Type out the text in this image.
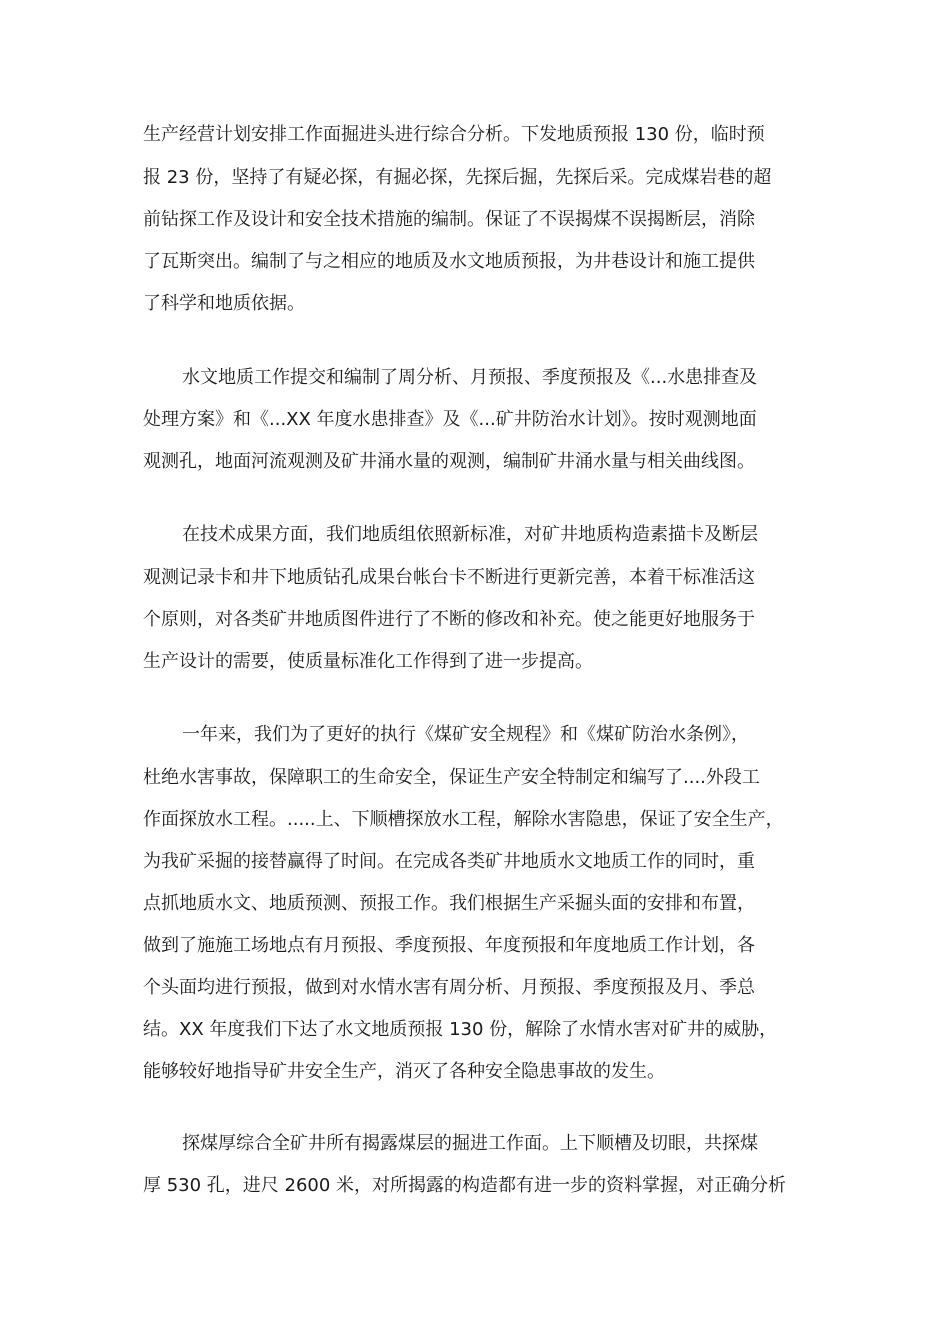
生产经营计划安排工作面掘进头进行综合分析。下发地质预报 130 份，临时预
报 23 份，坚持了有疑必探，有掘必探，先探后掘，先探后采。完成煤岩巷的超
前钻探工作及设计和安全技术措施的编制。保证了不误揭煤不误揭断层，消除
了瓦斯突出。编制了与之相应的地质及水文地质预报，为井巷设计和施工提供
了科学和地质依据。
水文地质工作提交和编制了周分析、月预报、季度预报及《...水患排查及
处理方案》和《...XX 年度水患排查》及《...矿井防治水计划》。按时观测地面
观测孔，地面河流观测及矿井涌水量的观测，编制矿井涌水量与相关曲线图。
在技术成果方面，我们地质组依照新标准，对矿井地质构造素描卡及断层
观测记录卡和井下地质钻孔成果台帐台卡不断进行更新完善，本着干标准活这
个原则，对各类矿井地质图件进行了不断的修改和补充。使之能更好地服务于
生产设计的需要，使质量标准化工作得到了进一步提高。
一年来，我们为了更好的执行《煤矿安全规程》和《煤矿防治水条例》，
杜绝水害事故，保障职工的生命安全，保证生产安全特制定和编写了....外段工
作面探放水工程。.....上、下顺槽探放水工程，解除水害隐患，保证了安全生产，
为我矿采掘的接替赢得了时间。在完成各类矿井地质水文地质工作的同时，重
点抓地质水文、地质预测、预报工作。我们根据生产采掘头面的安排和布置，
做到了施施工场地点有月预报、季度预报、年度预报和年度地质工作计划，各
个头面均进行预报，做到对水情水害有周分析、月预报、季度预报及月、季总
结。XX 年度我们下达了水文地质预报 130 份，解除了水情水害对矿井的威胁，
能够较好地指导矿井安全生产，消灭了各种安全隐患事故的发生。
探煤厚综合全矿井所有揭露煤层的掘进工作面。上下顺槽及切眼，共探煤
厚 530 孔，进尺 2600 米，对所揭露的构造都有进一步的资料掌握，对正确分析
